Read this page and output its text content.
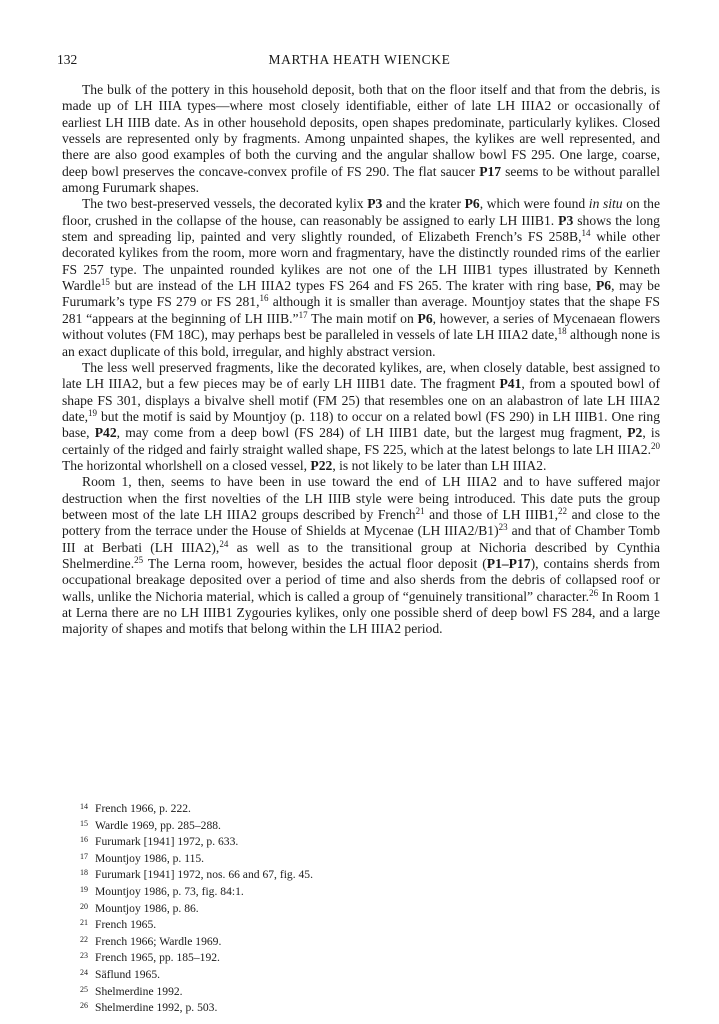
132	MARTHA HEATH WIENCKE

The bulk of the pottery in this household deposit, both that on the floor itself and that from the debris, is made up of LH IIIA types—where most closely identifiable, either of late LH IIIA2 or occasionally of earliest LH IIIB date. As in other household deposits, open shapes predominate, particularly kylikes. Closed vessels are represented only by fragments. Among unpainted shapes, the kylikes are well represented, and there are also good examples of both the curving and the angular shallow bowl FS 295. One large, coarse, deep bowl preserves the concave-convex profile of FS 290. The flat saucer P17 seems to be without parallel among Furumark shapes.

The two best-preserved vessels, the decorated kylix P3 and the krater P6, which were found in situ on the floor, crushed in the collapse of the house, can reasonably be assigned to early LH IIIB1. P3 shows the long stem and spreading lip, painted and very slightly rounded, of Elizabeth French’s FS 258B,$^{14}$ while other decorated kylikes from the room, more worn and fragmentary, have the distinctly rounded rims of the earlier FS 257 type. The unpainted rounded kylikes are not one of the LH IIIB1 types illustrated by Kenneth Wardle$^{15}$ but are instead of the LH IIIA2 types FS 264 and FS 265. The krater with ring base, P6, may be Furumark’s type FS 279 or FS 281,16 although it is smaller than average. Mountjoy states that the shape FS 281 “appears at the beginning of LH IIIB.”$^{17}$ The main motif on P6, however, a series of Mycenaean flowers without volutes (FM 18C), may perhaps best be paralleled in vessels of late LH IIIA2 date,$^{18}$ although none is an exact duplicate of this bold, irregular, and highly abstract version.

The less well preserved fragments, like the decorated kylikes, are, when closely datable, best assigned to late LH IIIA2, but a few pieces may be of early LH IIIB1 date. The fragment P41, from a spouted bowl of shape FS 301, displays a bivalve shell motif (FM 25) that resembles one on an alabastron of late LH IIIA2 date,$^{19}$ but the motif is said by Mountjoy (p. 118) to occur on a related bowl (FS 290) in LH IIIB1. One ring base, P42, may come from a deep bowl (FS 284) of LH IIIB1 date, but the largest mug fragment, P2, is certainly of the ridged and fairly straight walled shape, FS 225, which at the latest belongs to late LH IIIA2.20 The horizontal whorlshell on a closed vessel, P22, is not likely to be later than LH IIIA2.

Room 1, then, seems to have been in use toward the end of LH IIIA2 and to have suffered major destruction when the first novelties of the LH IIIB style were being introduced. This date puts the group between most of the late LH IIIA2 groups described by French$^{21}$ and those of LH IIIB1,22 and close to the pottery from the terrace under the House of Shields at Mycenae (LH IIIA2/B1)$^{23}$ and that of Chamber Tomb III at Berbati (LH IIIA2),$^{24}$ as well as to the transitional group at Nichoria described by Cynthia Shelmerdine.$^{25}$ The Lerna room, however, besides the actual floor deposit (P1–P17), contains sherds from occupational breakage deposited over a period of time and also sherds from the debris of collapsed roof or walls, unlike the Nichoria material, which is called a group of “genuinely transitional” character.$^{26}$ In Room 1 at Lerna there are no LH IIIB1 Zygouries kylikes, only one possible sherd of deep bowl FS 284, and a large majority of shapes and motifs that belong within the LH IIIA2 period.

14 French 1966, p. 222.
15 Wardle 1969, pp. 285–288.
16 Furumark [1941] 1972, p. 633.
17 Mountjoy 1986, p. 115.
18 Furumark [1941] 1972, nos. 66 and 67, fig. 45.
19 Mountjoy 1986, p. 73, fig. 84:1.
20 Mountjoy 1986, p. 86.
21 French 1965.
22 French 1966; Wardle 1969.
23 French 1965, pp. 185–192.
24 Säflund 1965.
25 Shelmerdine 1992.
26 Shelmerdine 1992, p. 503.
